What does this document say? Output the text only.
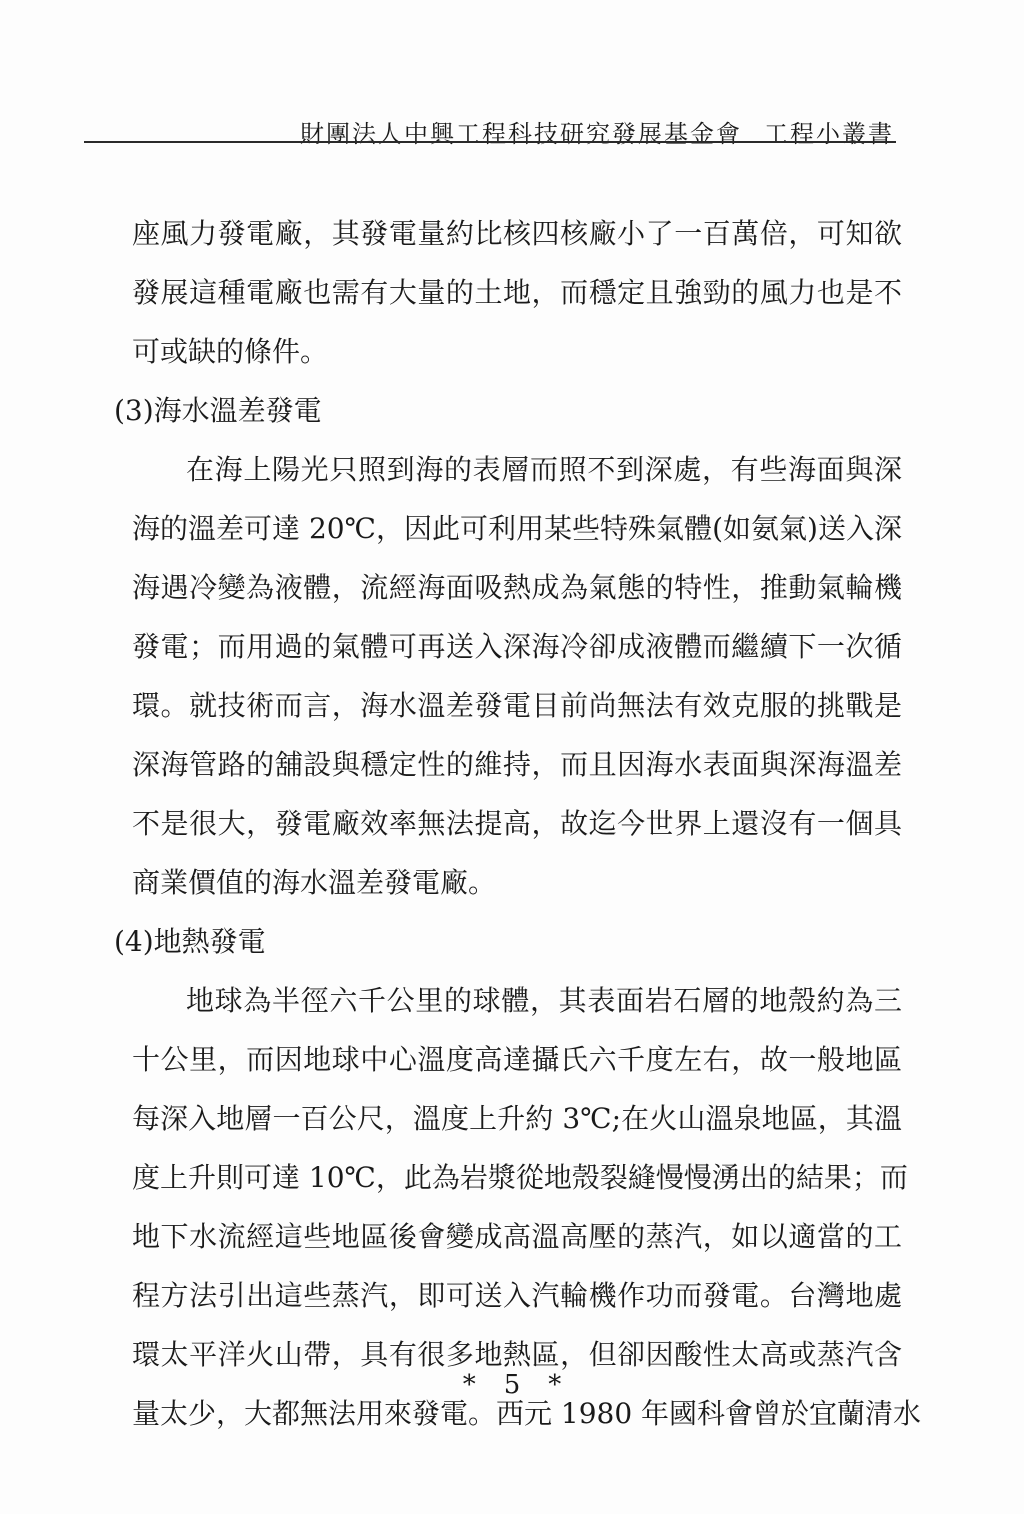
財團法人中興工程科技研究發展基金會 工程小叢書
座風力發電廠，其發電量約比核四核廠小了一百萬倍，可知欲
發展這種電廠也需有大量的土地，而穩定且強勁的風力也是不
可或缺的條件。
(3)海水溫差發電
在海上陽光只照到海的表層而照不到深處，有些海面與深
海的溫差可達 20℃，因此可利用某些特殊氣體(如氨氣)送入深
海遇冷變為液體，流經海面吸熱成為氣態的特性，推動氣輪機
發電；而用過的氣體可再送入深海冷卻成液體而繼續下一次循
環。就技術而言，海水溫差發電目前尚無法有效克服的挑戰是
深海管路的舖設與穩定性的維持，而且因海水表面與深海溫差
不是很大，發電廠效率無法提高，故迄今世界上還沒有一個具
商業價值的海水溫差發電廠。
(4)地熱發電
地球為半徑六千公里的球體，其表面岩石層的地殼約為三
十公里，而因地球中心溫度高達攝氏六千度左右，故一般地區
每深入地層一百公尺，溫度上升約 3℃;在火山溫泉地區，其溫
度上升則可達 10℃，此為岩漿從地殼裂縫慢慢湧出的結果；而
地下水流經這些地區後會變成高溫高壓的蒸汽，如以適當的工
程方法引出這些蒸汽，即可送入汽輪機作功而發電。台灣地處
環太平洋火山帶，具有很多地熱區，但卻因酸性太高或蒸汽含
量太少，大都無法用來發電。西元 1980 年國科會曾於宜蘭清水
* 5 *
